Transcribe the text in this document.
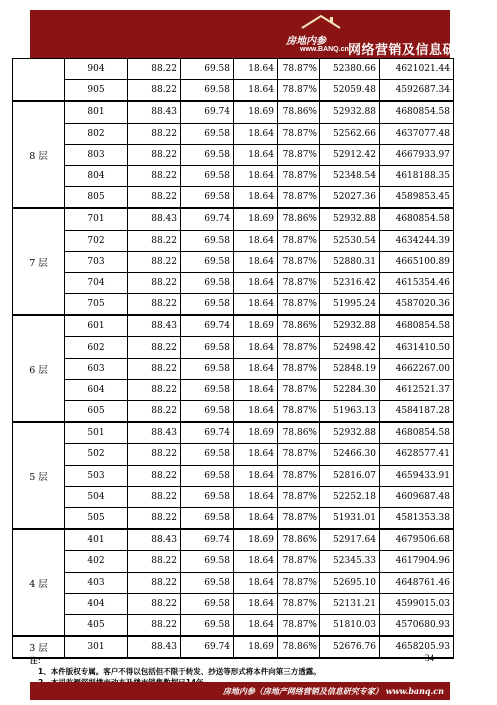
房地内参
www.BANQ.cn 网络营销及信息研究专家
	904	88.22	69.58	18.64	78.87%	52380.66	4621021.44
	905	88.22	69.58	18.64	78.87%	52059.48	4592687.34
8 层	801	88.43	69.74	18.69	78.86%	52932.88	4680854.58
	802	88.22	69.58	18.64	78.87%	52562.66	4637077.48
	803	88.22	69.58	18.64	78.87%	52912.42	4667933.97
	804	88.22	69.58	18.64	78.87%	52348.54	4618188.35
	805	88.22	69.58	18.64	78.87%	52027.36	4589853.45
7 层	701	88.43	69.74	18.69	78.86%	52932.88	4680854.58
	702	88.22	69.58	18.64	78.87%	52530.54	4634244.39
	703	88.22	69.58	18.64	78.87%	52880.31	4665100.89
	704	88.22	69.58	18.64	78.87%	52316.42	4615354.46
	705	88.22	69.58	18.64	78.87%	51995.24	4587020.36
6 层	601	88.43	69.74	18.69	78.86%	52932.88	4680854.58
	602	88.22	69.58	18.64	78.87%	52498.42	4631410.50
	603	88.22	69.58	18.64	78.87%	52848.19	4662267.00
	604	88.22	69.58	18.64	78.87%	52284.30	4612521.37
	605	88.22	69.58	18.64	78.87%	51963.13	4584187.28
5 层	501	88.43	69.74	18.69	78.86%	52932.88	4680854.58
	502	88.22	69.58	18.64	78.87%	52466.30	4628577.41
	503	88.22	69.58	18.64	78.87%	52816.07	4659433.91
	504	88.22	69.58	18.64	78.87%	52252.18	4609687.48
	505	88.22	69.58	18.64	78.87%	51931.01	4581353.38
4 层	401	88.43	69.74	18.69	78.86%	52917.64	4679506.68
	402	88.22	69.58	18.64	78.87%	52345.33	4617904.96
	403	88.22	69.58	18.64	78.87%	52695.10	4648761.46
	404	88.22	69.58	18.64	78.87%	52131.21	4599015.03
	405	88.22	69.58	18.64	78.87%	51810.03	4570680.93
3 层	301	88.43	69.74	18.69	78.86%	52676.76	4658205.93
注：
1、本件版权专属。客户不得以包括但不限于转发、抄送等形式将本件向第三方透露。
34
房地内参（房地产网络营销及信息研究专家） www.banq.cn
